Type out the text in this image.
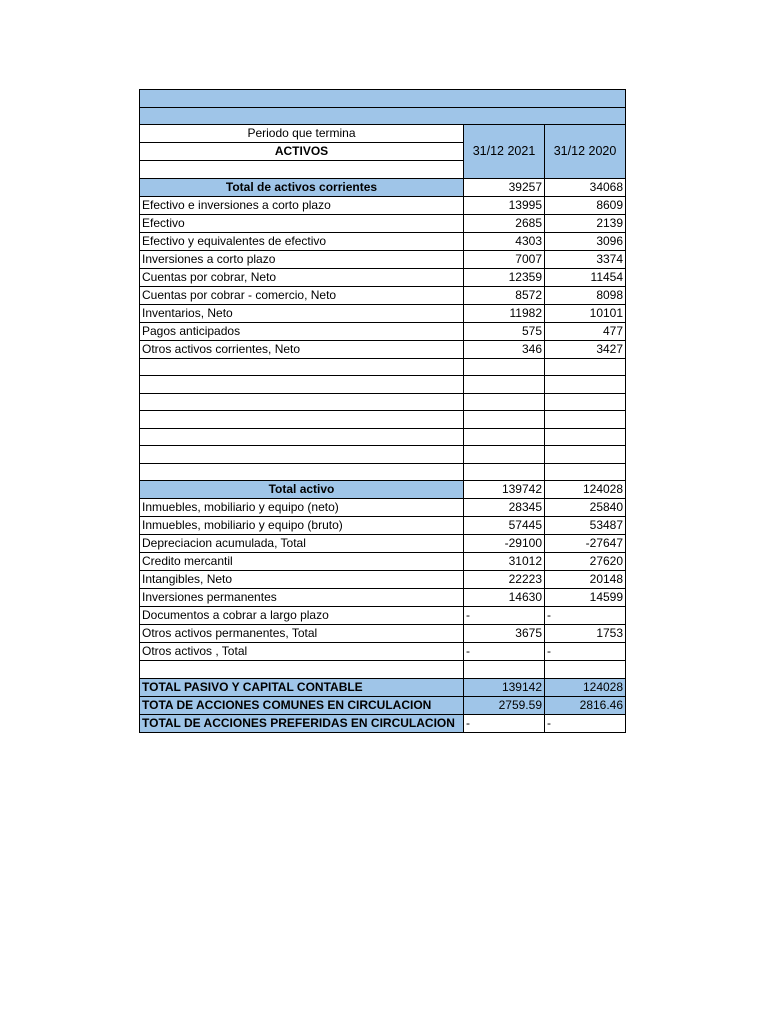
Periodo que termina	31/12 2021	31/12 2020
ACTIVOS		

Total de activos corrientes	39257	34068
Efectivo e inversiones a corto plazo	13995	8609
Efectivo	2685	2139
Efectivo y equivalentes de efectivo	4303	3096
Inversiones a corto plazo	7007	3374
Cuentas por cobrar, Neto	12359	11454
Cuentas por cobrar - comercio, Neto	8572	8098
Inventarios, Neto	11982	10101
Pagos anticipados	575	477
Otros activos corrientes, Neto	346	3427

Total activo	139742	124028
Inmuebles, mobiliario y equipo (neto)	28345	25840
Inmuebles, mobiliario y equipo (bruto)	57445	53487
Depreciacion acumulada, Total	-29100	-27647
Credito mercantil	31012	27620
Intangibles, Neto	22223	20148
Inversiones permanentes	14630	14599
Documentos a cobrar a largo plazo	-	-
Otros activos permanentes, Total	3675	1753
Otros activos , Total	-	-

TOTAL PASIVO Y CAPITAL CONTABLE	139142	124028
TOTA DE ACCIONES COMUNES EN CIRCULACION	2759.59	2816.46
TOTAL DE ACCIONES PREFERIDAS EN CIRCULACION	-	-
